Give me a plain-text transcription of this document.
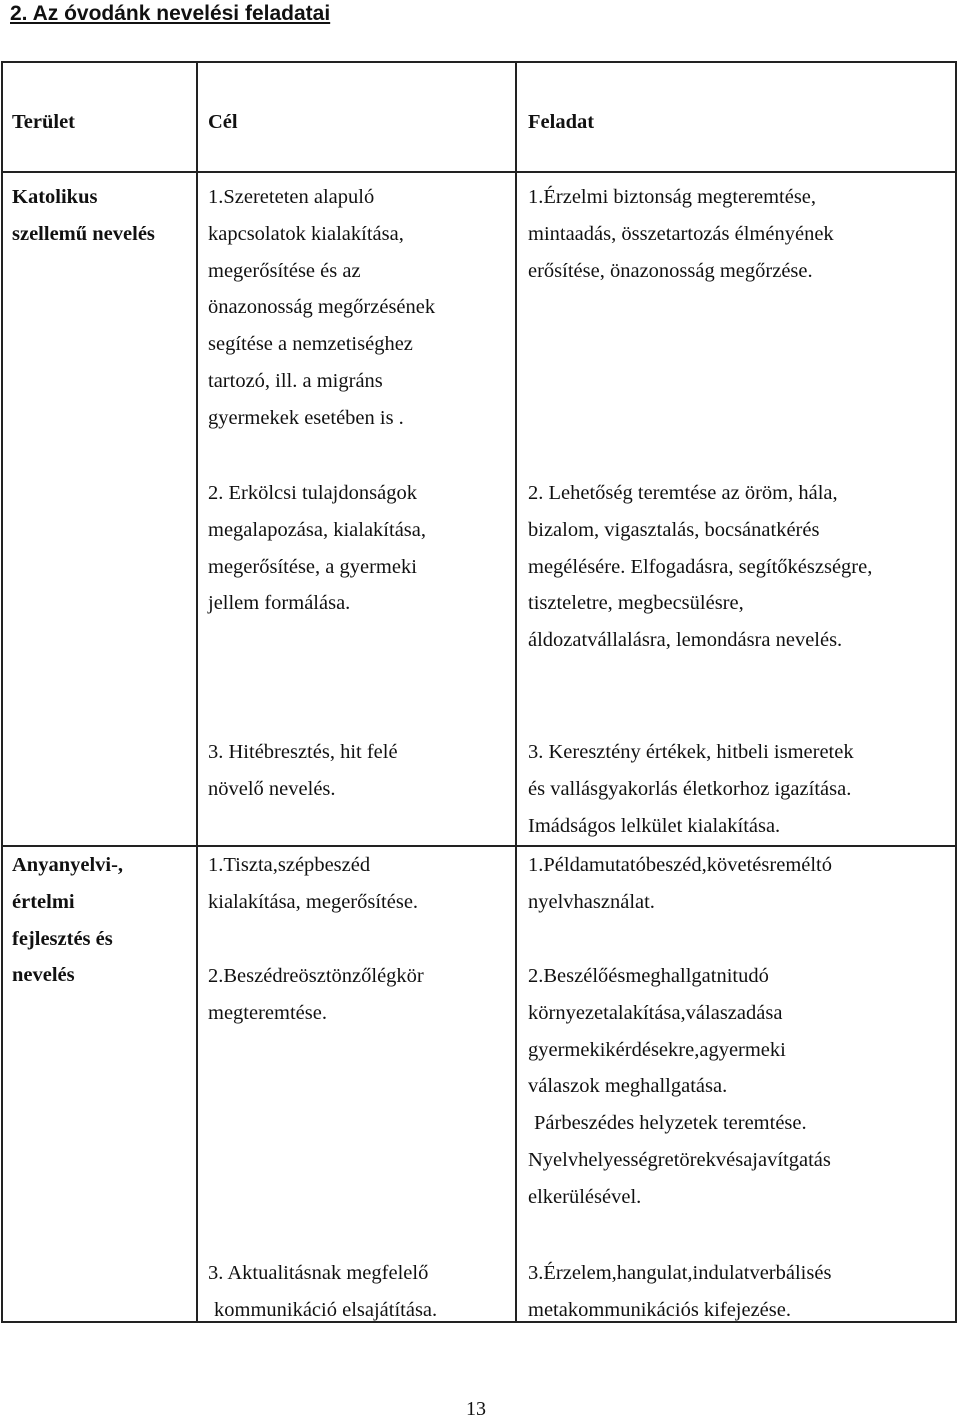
2. Az óvodánk nevelési feladatai
Terület	Cél	Feladat
Katolikus
szellemű nevelés
1.Szereteten alapuló
kapcsolatok kialakítása,
megerősítése és az
önazonosság megőrzésének
segítése a nemzetiséghez
tartozó, ill. a migráns
gyermekek esetében is .
1.Érzelmi biztonság megteremtése,
mintaadás, összetartozás élményének
erősítése, önazonosság megőrzése.
2. Erkölcsi tulajdonságok
megalapozása, kialakítása,
megerősítése, a gyermeki
jellem formálása.
2. Lehetőség teremtése az öröm, hála,
bizalom, vigasztalás, bocsánatkérés
megélésére. Elfogadásra, segítőkészségre,
tiszteletre, megbecsülésre,
áldozatvállalásra, lemondásra nevelés.
3. Hitébresztés, hit felé
növelő nevelés.
3. Keresztény értékek, hitbeli ismeretek
és vallásgyakorlás életkorhoz igazítása.
Imádságos lelkület kialakítása.
Anyanyelvi-,
értelmi
fejlesztés és
nevelés
1.Tiszta,szépbeszéd
kialakítása, megerősítése.
2.Beszédreösztönzőlégkör
megteremtése.
3. Aktualitásnak megfelelő
kommunikáció elsajátítása.
1.Példamutatóbeszéd,követésreméltó
nyelvhasználat.
2.Beszélőésmeghallgatnitudó
környezetalakítása,válaszadása
gyermekikérdésekre,agyermeki
válaszok meghallgatása.
Párbeszédes helyzetek teremtése.
Nyelvhelyességretörekvésajavítgatás
elkerülésével.
3.Érzelem,hangulat,indulatverbálisés
metakommunikációs kifejezése.
13
